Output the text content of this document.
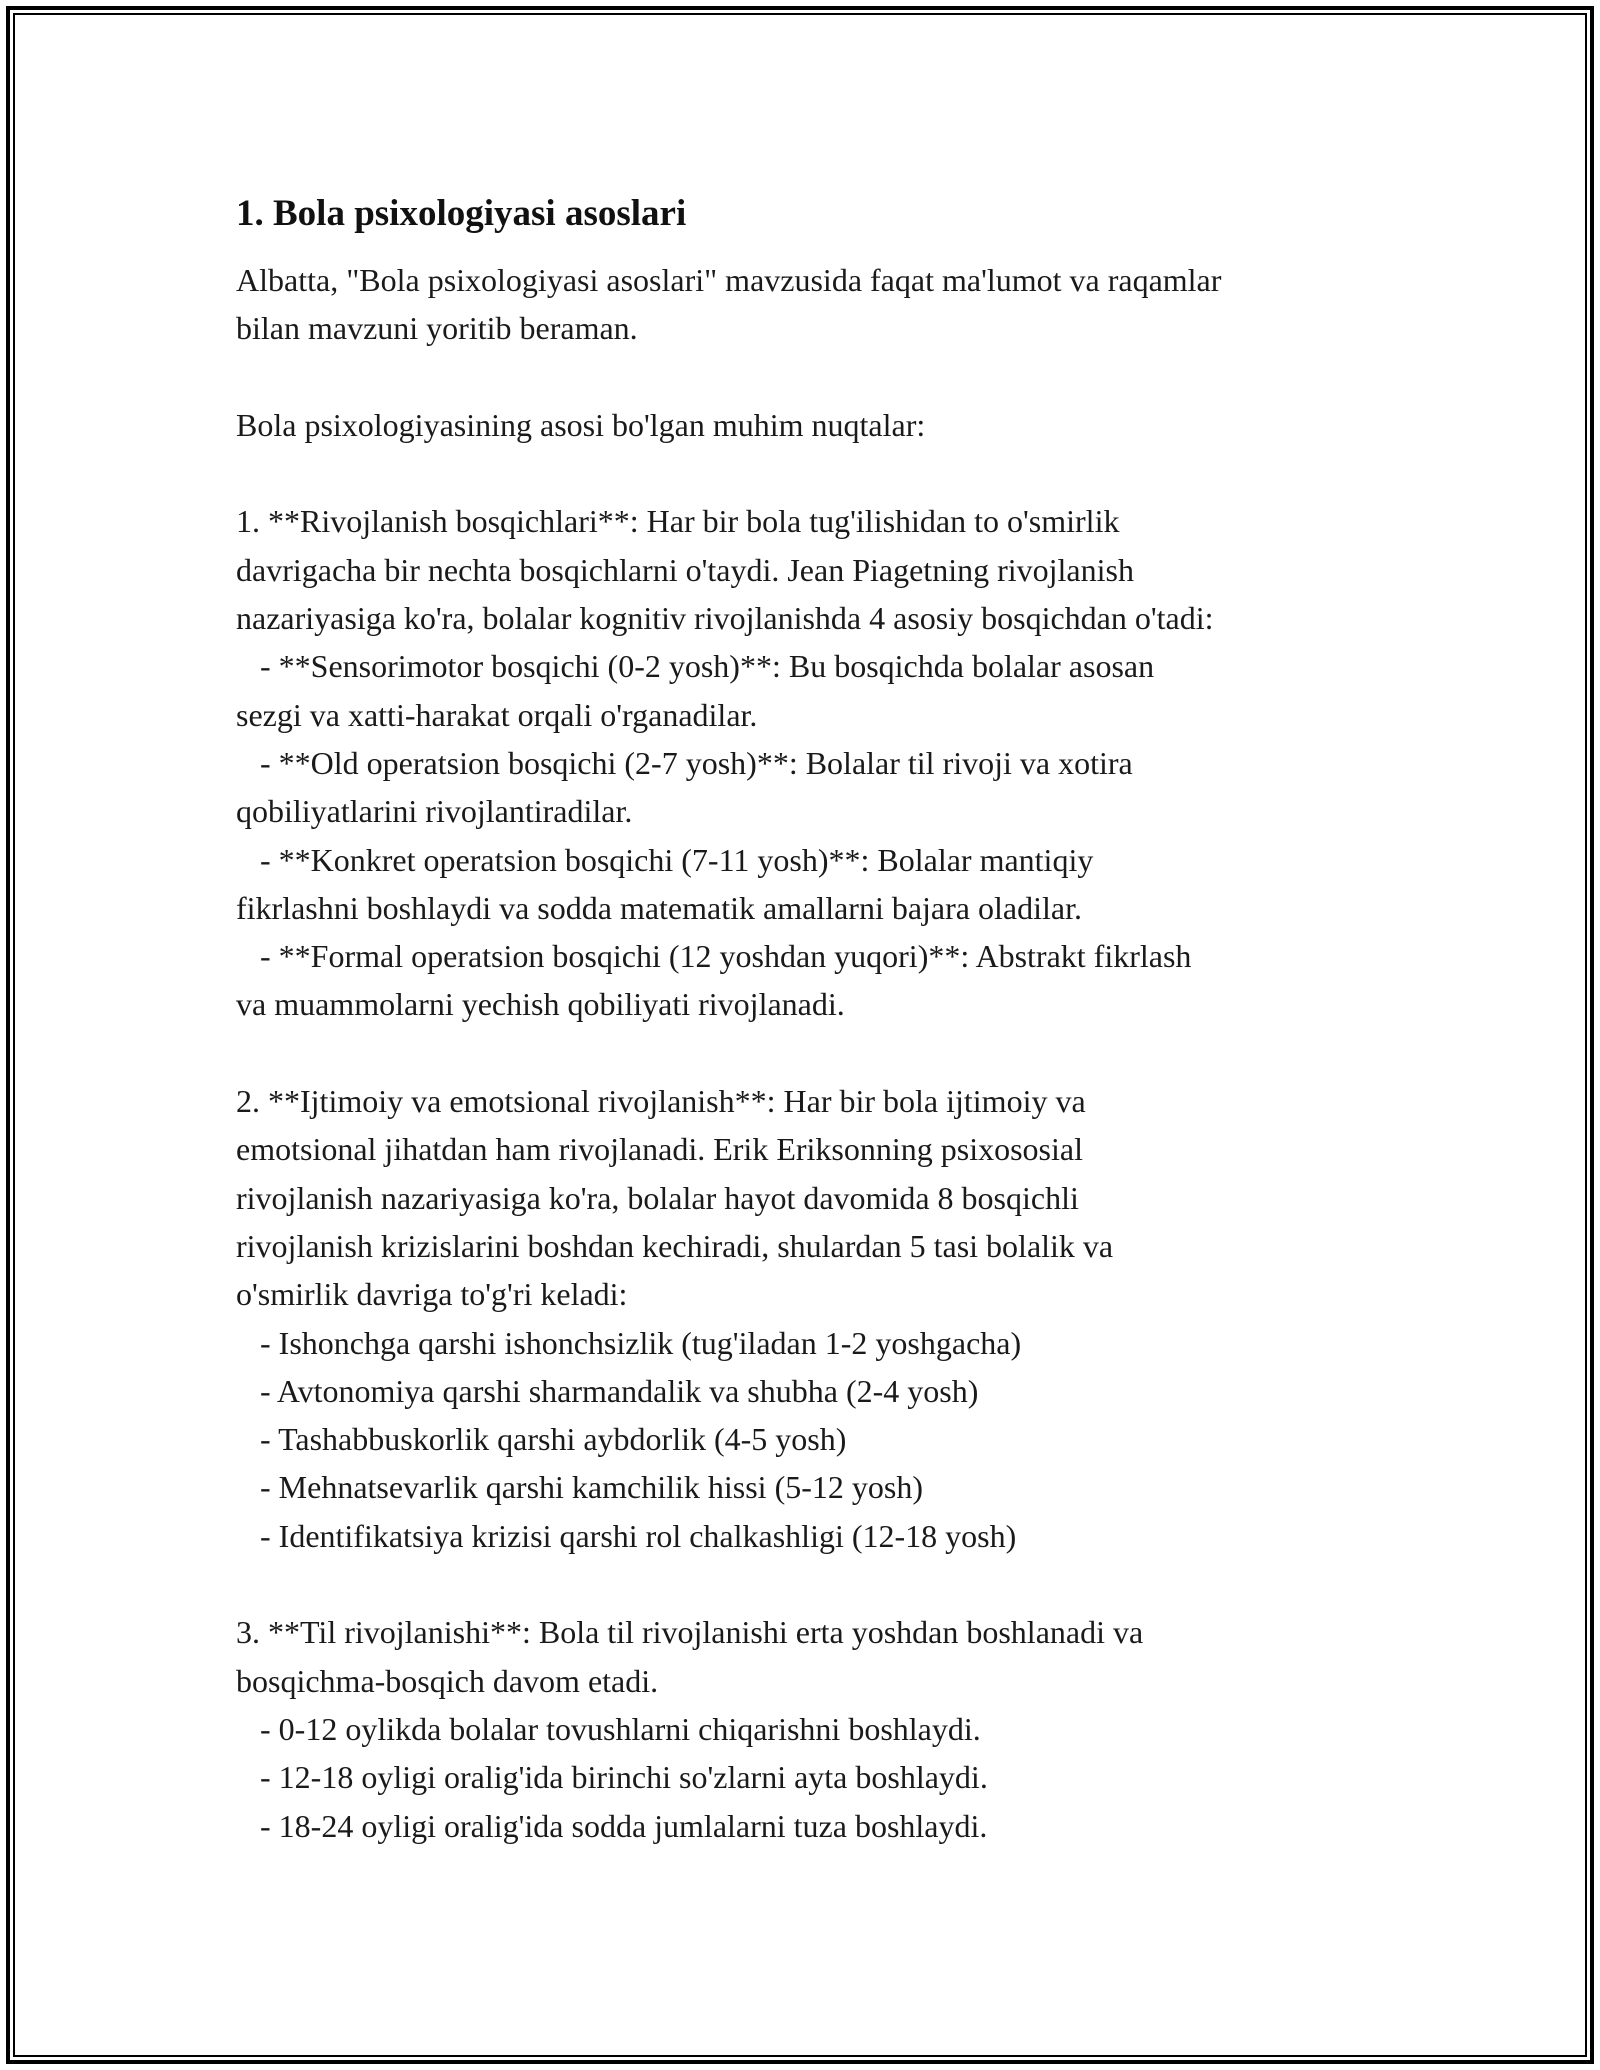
1. Bola psixologiyasi asoslari

Albatta, "Bola psixologiyasi asoslari" mavzusida faqat ma'lumot va raqamlar
bilan mavzuni yoritib beraman.

Bola psixologiyasining asosi bo'lgan muhim nuqtalar:

1. **Rivojlanish bosqichlari**: Har bir bola tug'ilishidan to o'smirlik
davrigacha bir nechta bosqichlarni o'taydi. Jean Piagetning rivojlanish
nazariyasiga ko'ra, bolalar kognitiv rivojlanishda 4 asosiy bosqichdan o'tadi:
- **Sensorimotor bosqichi (0-2 yosh)**: Bu bosqichda bolalar asosan
sezgi va xatti-harakat orqali o'rganadilar.
- **Old operatsion bosqichi (2-7 yosh)**: Bolalar til rivoji va xotira
qobiliyatlarini rivojlantiradilar.
- **Konkret operatsion bosqichi (7-11 yosh)**: Bolalar mantiqiy
fikrlashni boshlaydi va sodda matematik amallarni bajara oladilar.
- **Formal operatsion bosqichi (12 yoshdan yuqori)**: Abstrakt fikrlash
va muammolarni yechish qobiliyati rivojlanadi.

2. **Ijtimoiy va emotsional rivojlanish**: Har bir bola ijtimoiy va
emotsional jihatdan ham rivojlanadi. Erik Eriksonning psixososial
rivojlanish nazariyasiga ko'ra, bolalar hayot davomida 8 bosqichli
rivojlanish krizislarini boshdan kechiradi, shulardan 5 tasi bolalik va
o'smirlik davriga to'g'ri keladi:
- Ishonchga qarshi ishonchsizlik (tug'iladan 1-2 yoshgacha)
- Avtonomiya qarshi sharmandalik va shubha (2-4 yosh)
- Tashabbuskorlik qarshi aybdorlik (4-5 yosh)
- Mehnatsevarlik qarshi kamchilik hissi (5-12 yosh)
- Identifikatsiya krizisi qarshi rol chalkashligi (12-18 yosh)

3. **Til rivojlanishi**: Bola til rivojlanishi erta yoshdan boshlanadi va
bosqichma-bosqich davom etadi.
- 0-12 oylikda bolalar tovushlarni chiqarishni boshlaydi.
- 12-18 oyligi oralig'ida birinchi so'zlarni ayta boshlaydi.
- 18-24 oyligi oralig'ida sodda jumlalarni tuza boshlaydi.
